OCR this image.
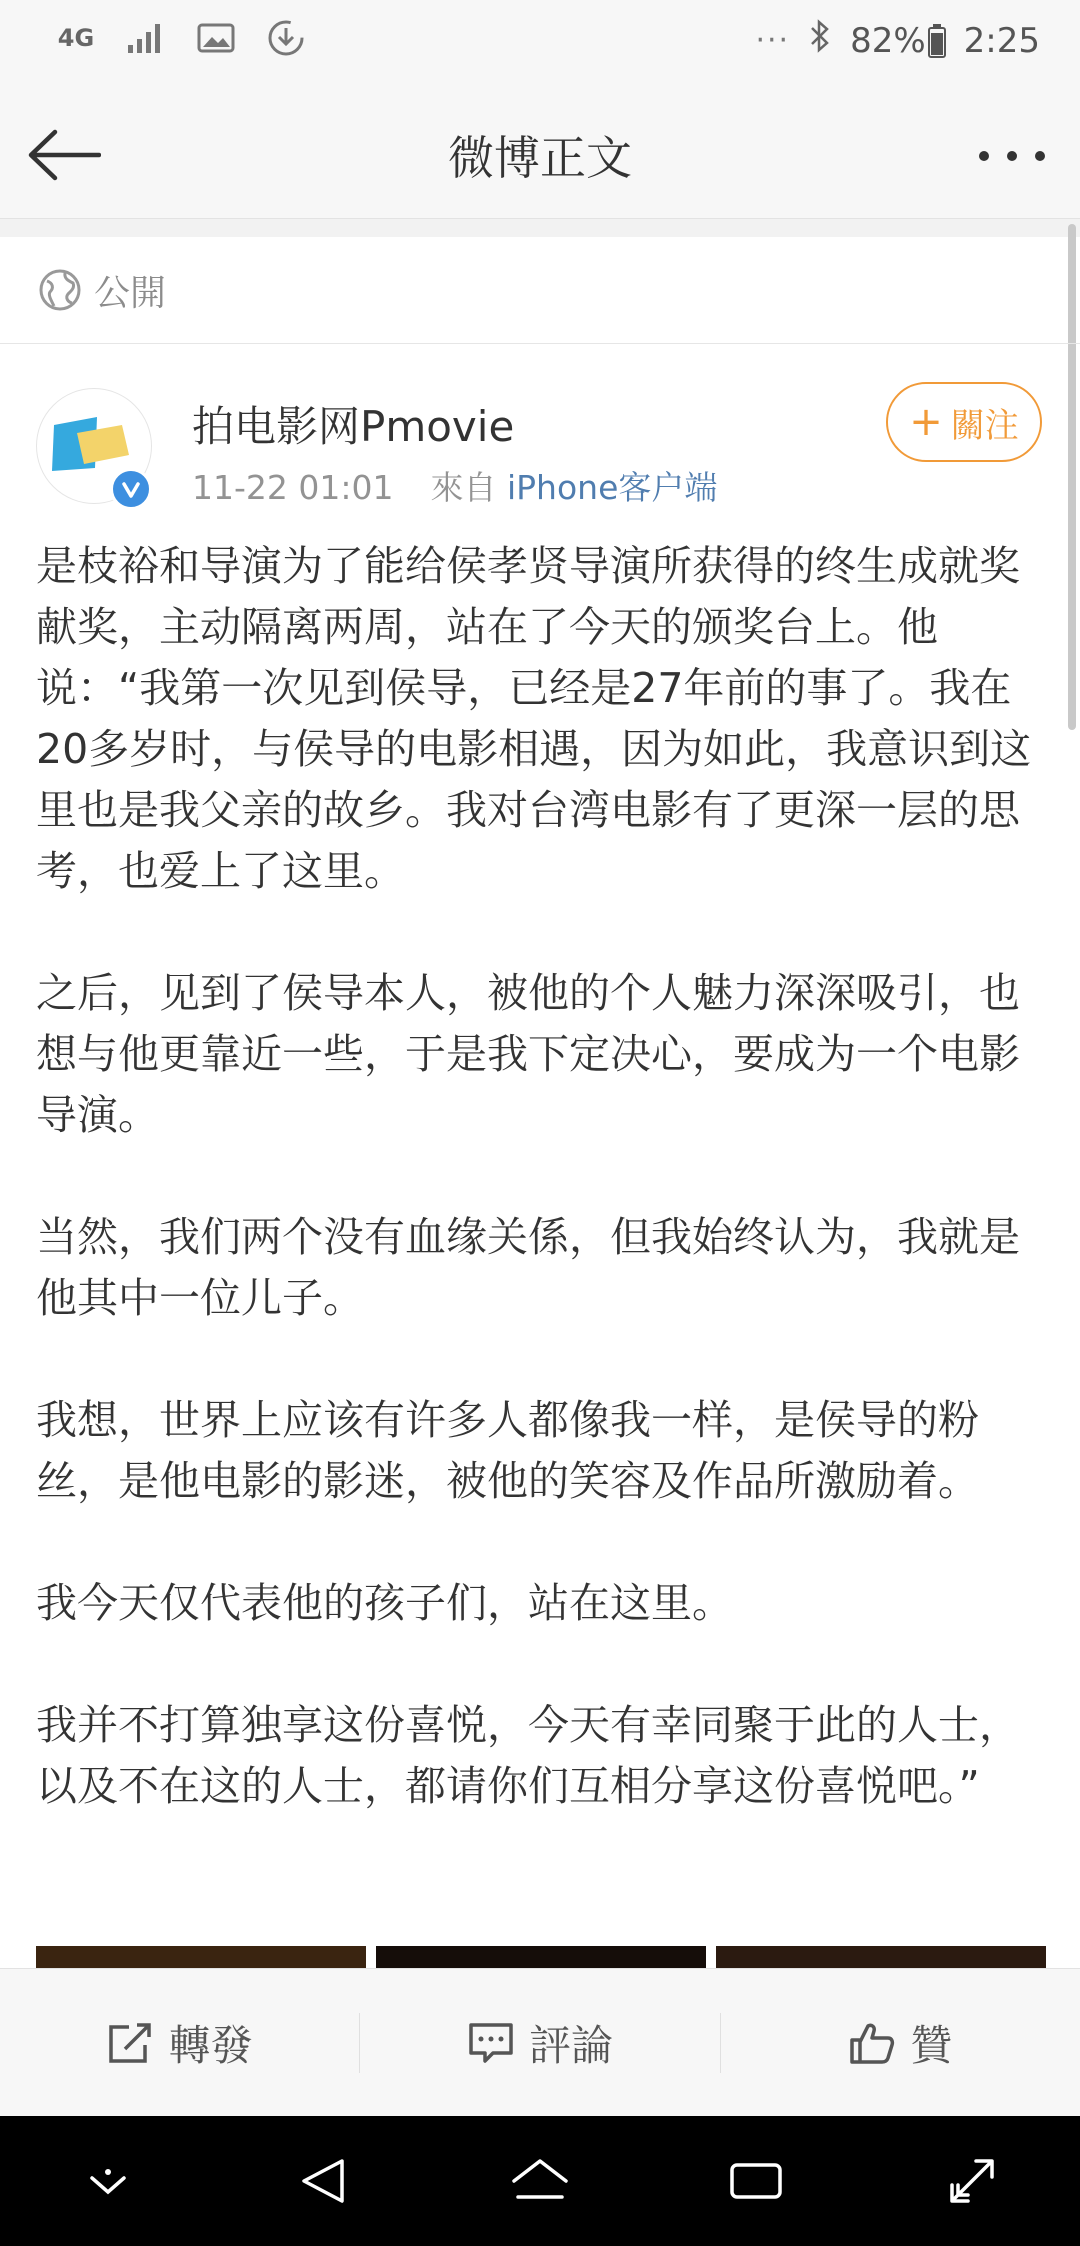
4G	··· 82% 2:25
微博正文
公開
拍电影网Pmovie
11-22 01:01 來自 iPhone客户端
+ 關注

是枝裕和导演为了能给侯孝贤导演所获得的终生成就奖献奖，主动隔离两周，站在了今天的颁奖台上。他说：“我第一次见到侯导，已经是27年前的事了。我在20多岁时，与侯导的电影相遇，因为如此，我意识到这里也是我父亲的故乡。我对台湾电影有了更深一层的思考，也爱上了这里。

之后，见到了侯导本人，被他的个人魅力深深吸引，也想与他更靠近一些，于是我下定决心，要成为一个电影导演。

当然，我们两个没有血缘关係，但我始终认为，我就是他其中一位儿子。

我想，世界上应该有许多人都像我一样，是侯导的粉丝，是他电影的影迷，被他的笑容及作品所激励着。

我今天仅代表他的孩子们，站在这里。

我并不打算独享这份喜悦，今天有幸同聚于此的人士，以及不在这的人士，都请你们互相分享这份喜悦吧。”

轉發	評論	贊
